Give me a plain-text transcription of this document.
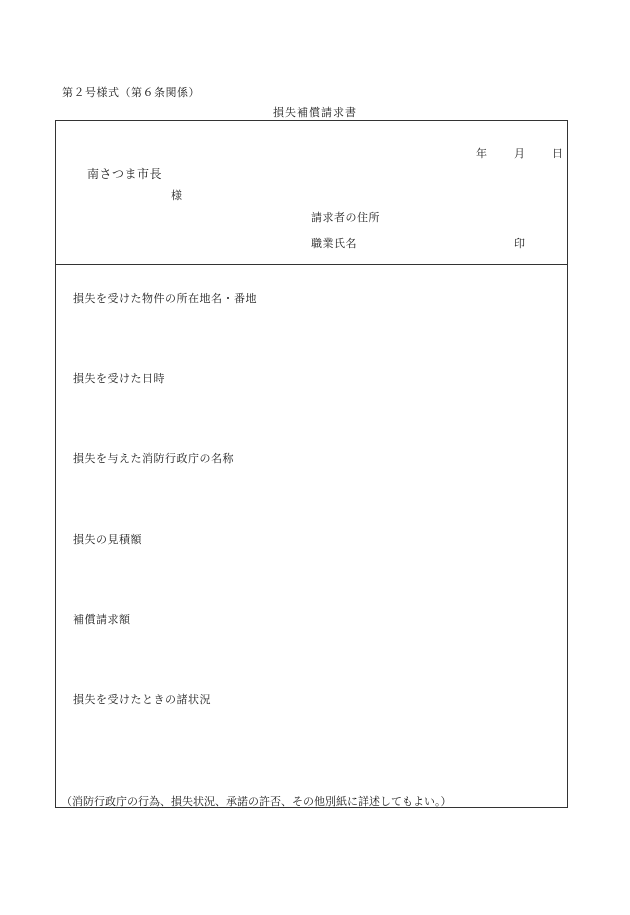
第２号様式（第６条関係）
損失補償請求書
年 月 日
南さつま市長
様
請求者の住所
職業氏名	印
損失を受けた物件の所在地名・番地
損失を受けた日時
損失を与えた消防行政庁の名称
損失の見積額
補償請求額
損失を受けたときの諸状況
（消防行政庁の行為、損失状況、承諾の許否、その他別紙に詳述してもよい。）
